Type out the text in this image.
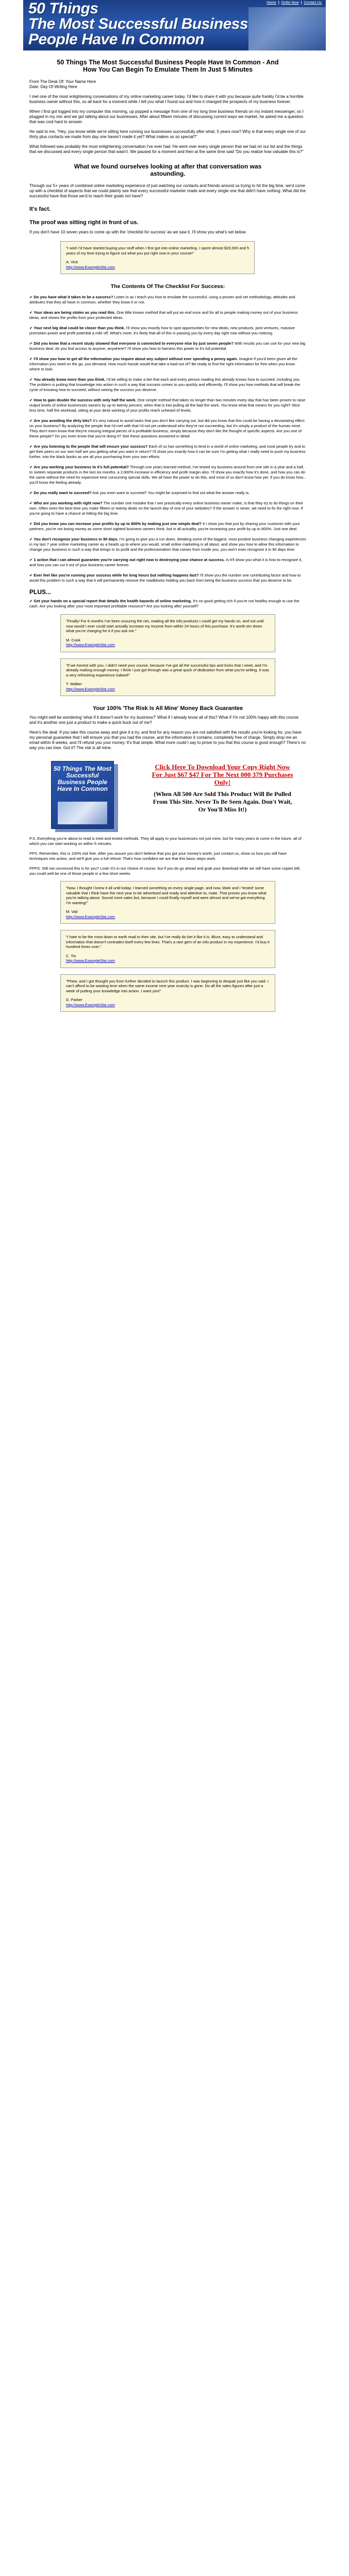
50 Things
The Most Successful Business
People Have In Common
Home | Order Now | Contact Us
50 Things The Most Successful Business People Have In Common - And How You Can Begin To Emulate Them In Just 5 Minutes

From The Desk Of: Your Name Here
Date: Day Of Writing Here

I met one of the most enlightening conversations of my online marketing career today. I'd like to share it with you because quite frankly I'd be a horrible business owner without this, so all back for a moment while I tell you what I found out and how it changed the prospects of my business forever.

When I first got logged into my computer this morning, up popped a message from one of my long time business friends on my instant messenger, so I plugged in my mic and we got talking about our businesses. After about fifteen minutes of discussing current ways we market, he asked me a question that was cool hard to answer.

He said to me, "Hey, you know while we're sitting here running our businesses successfully after what, 5 years now? Why is that every single one of our thirty plus contacts we made from day one haven't made it yet? What makes us so special?"

What followed was probably the most enlightening conversation I've ever had. He went over every single person that we had on our list and the things that we discussed and every single person that wasn't. We paused for a moment and then at the same time said "Do you realize how valuable this is?"

What we found ourselves looking at after that conversation was astounding.

Through our 5+ years of combined online marketing experience of just watching our contacts and friends around us trying to hit the big time, we'd come up with a checklist of aspects that we could plainly see that every successful marketer made and every single one that didn't have nothing. What did the successful have that those we'd to reach their goals not have?

It's fact.
The proof was sitting right in front of us.

If you don't have 10 seven years to come up with the 'checklist for success' as we saw it, I'll show you what's set below.

"I wish I'd have started buying your stuff when I first got into online marketing. I spent almost $20,000 and 5 years of my time trying to figure out what you put right now in your course!"
A. Vick
http://www.ExampleSite.com
The Contents Of The Checklist For Success:
✔ Do you have what it takes to be a success? Listen in as I teach you how to emulate the successful, using a proven and set methodology, attitudes and attributes that they all have in common, whether they know it or not.
✔ Your ideas are being stolen as you read this. One little known method that will put an end once and for all to people making money out of your business ideas, and shows the profits from your protected ideas.
✔ Your next big deal could be closer than you think. I'll show you exactly how to spot opportunities for new deals, new products, joint ventures, massive promotion power and profit potential a mile off. What's more, it's likely that all of this is passing you by every day right now without you noticing.
✔ Did you know that a recent study showed that everyone is connected to everyone else by just seven people? With results you can use for your new big business deal, do you find access to anyone, anywhere? I'll show you how to harness this power to it's full potential.
✔ I'll show you how to get all the information you require about any subject without ever spending a penny again. Imagine if you'd been given all the information you need on the go, you demand. How much hassle would that take a load out of? Be ready to find the right information for free when you know where to look.
✔ You already know more than you think. I'd be willing to make a bet that each and every person reading this already knows how to succeed, including you. The problem is putting that knowledge into action in such a way that success comes to you quickly and efficiently. I'll show you how methods that will break the cycle of knowing how to succeed, without seeing the success you deserve.
✔ How to gain double the success with only half the work. One simple method that takes no longer than two minutes every day that has been proven to raise output levels of online businesses owners by up to twenty percent, when that is into pulling all the bad the work. You know what that means for you right? Slice less time, half the workload, sitting at your desk working of your profits reach unheard of levels.
✔ Are you avoiding the dirty bits? It's very natural to avoid tasks that you don't like carrying out, but did you know that this could be having a devastating effect on your business? By analyzing the people that I'd met with that I'd not yet understood who they're not succeeding, but it's simply a product of the human mind. They don't even know that they're missing integral pieces of a profitable business, simply because they don't like the thought of specific aspects. Are you one of these people? Do you even know that you're doing it? See these questions answered in detail.
✔ Are you listening to the people that will ensure your success? Each of us has something to lend in a world of online marketing, and most people try and to get their peers on our own half are you getting what you want in return? I'll show you exactly how it can be sure I'm getting what I really need to push my business further, into the black books as are all your purchasing from your own efforts.
✔ Are you working your business to it's full potential? Through one years learned method, I've tested my business around from one site in a year and a half, to sixteen separate products in the last six months, a 2,600% increase in efficiency and profit margin also. I'll show you exactly how it's done, and how you can do the same without the need for expensive time consuming special skills. We all have the power to do this, and most of us don't know how yet. If you do know how... you'll know the feeling already.
✔ Do you really want to succeed? Ask you even want to succeed? You might be surprised to find out what the answer really is.
✔ Who are you working with right now? The number one mistake that I see practically every online business owner make, is that they try to do things on their own. Often even the best time you make fifteen or twenty deals on the launch day of one of your websites? If the answer is never, we need to fix the right now. If you're going to have a chance at hitting the big time.
✔ Did you know you can increase your profits by up to 800% by making just one simple deal? It I show you that just by sharing your customer with your partners, you're not losing money as some short sighted business owners think, but in all actuality, you're increasing your profit by up to 800%. Just one deal.
✔ You don't recognize your business in 90 days. I'm going to give you a run down, detailing some of the biggest, most positive business changing experiences in my last 7 year online marketing career as a heads up to where you would, small online marketing is all about, and show you how to allow this information to change your business in such a way that brings in its profit and the professionalism that comes from inside you, you won't even recognize it in 90 days time.
✔ 1 action that I can almost guarantee you're carrying out right now is destroying your chance at success. Is it'll show you what it is how to recognize it, and how you can cut it out of your business career forever.
✔ Ever feel like you're running your success while for long hours but nothing happens fast? I'll show you the number one contributing factor and how to avoid this problem in such a way that it will permanently remove the roadblocks holding you back from being the business success that you deserve to be.
PLUS...
✔ Get your hands on a special report that details the health hazards of online marketing. It's no good getting rich if you're not healthy enough to use the cash. Are you looking after your most important profitable resource? Are you looking after yourself?
"Finally! For 6 months I've been scouring the net, reading all the info products I could get my hands on, and not until now would I ever could start actually increase my income from within 24 hours of this purchase. It's worth ten times what you're charging for it if you ask me."
M. Cook
http://www.ExampleSite.com
"If we honest with you, I didn't need your course, because I've got all the successful tips and tricks that I need, and I'm already making enough money. I think I just got through was a great quick of dedication from what you're writing. It was a very refreshing experience indeed!"
T. Walker
http://www.ExampleSite.com
Your 100% 'The Risk Is All Mine' Money Back Guarantee

You might well be wondering 'what if it doesn't work for my business?' What if I already know all of this? What if I'm not 100% happy with this course and it's another one just a product to make a quick buck out of me?

Here's the deal: If you take this course away and give it a try, and find for any reason you are not satisfied with the results you're looking for, you have my personal guarantee that I will ensure you that you had the course, and the information it contains, completely free of charge. Simply drop me an email within 8 weeks, and I'll refund you your money. It's that simple. What more could I say to prove to you that this course is good enough? There's no way you can lose. Got it? The risk is all mine.

50 Things The Most Successful Business People Have In Common
Click Here To Download Your Copy Right Now For Just $67 $47 For The Next 000 379 Purchases Only!
(When All 500 Are Sold This Product Will Be Pulled From This Site. Never To Be Seen Again. Don't Wait, Or You'll Miss It!)

P.S. Everything you're about to read is tried and tested methods. They all apply to your businesses not just mine, but for many years to come in the future, all of which you can start working on within 5 minutes.

PPS. Remember, this is 100% risk free. After you assure you don't believe that you got your money's worth, just contact us, show us how you still have techniques into action, and we'll give you a full refund. That's how confident we are that this basic steps work.

PPPS. Still not convinced this is for you? Look! It's in our choice of course, but if you do go ahead and grab your download while we still have some copies left, you could well be one of those people in a few short weeks.

"Now, I thought I knew it all until today. I learned something on every single page, and now, Mark and I 'tested' some valuable that I think have the next year to be advertised and ready and attentive to, mate. That proves you know what you're talking about. Sound more sales but, because I could finally myself and were almost and we've got everything I'm wanting!"
M. Vail
http://www.ExampleSite.com
"I hate to be the most down to earth read to their site, but I've really do bet it like it is. Blunt, easy to understand and information that doesn't contradict itself every few lines. That's a rare gem of an info product in my experience. I'd buy it hundred times over."
C. Tin
http://www.ExampleSite.com
"Phew, and I got thought you from further decided to launch this product. I was beginning to despair just like you said. I can't afford to be wasting time when the same income next year scarcity is gone. Do all the sales figures after just a week of putting your knowledge into action. I want you!"
D. Parker
http://www.ExampleSite.com
